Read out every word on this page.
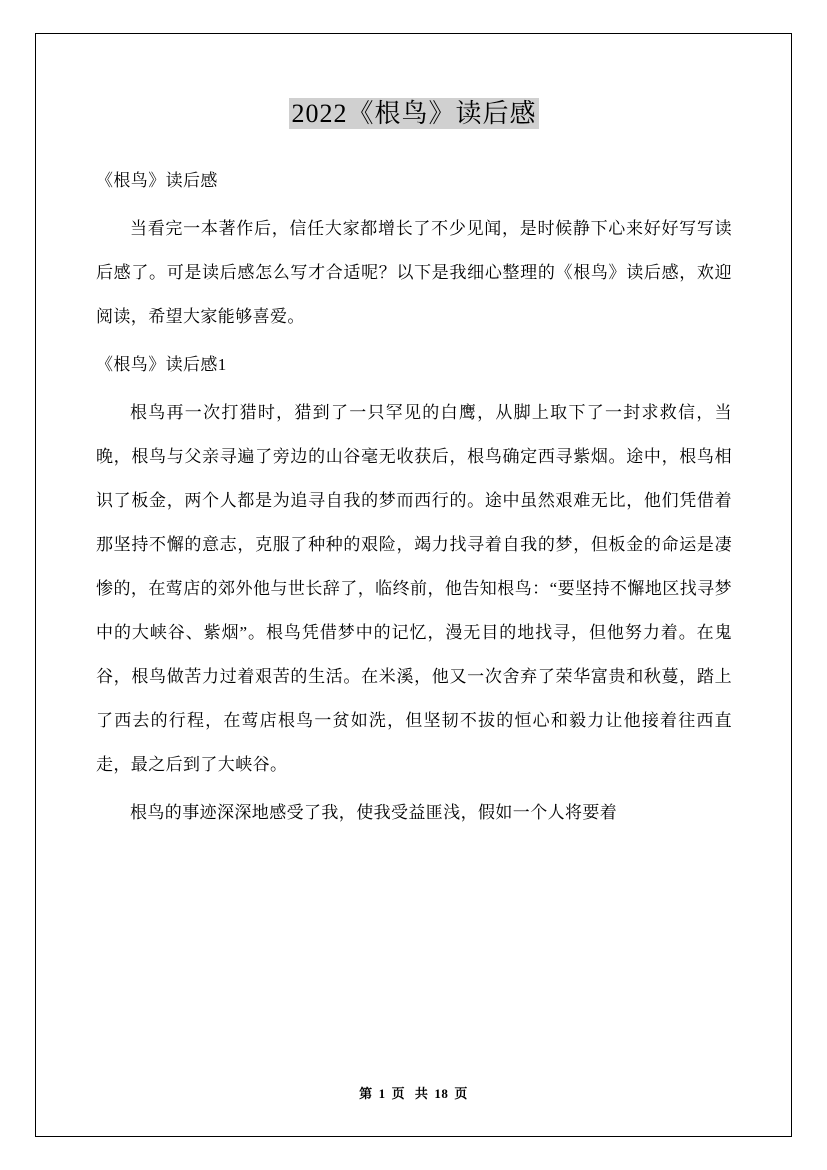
2022《根鸟》读后感

《根鸟》读后感

当看完一本著作后，信任大家都增长了不少见闻，是时候静下心来好好写写读后感了。可是读后感怎么写才合适呢？以下是我细心整理的《根鸟》读后感，欢迎阅读，希望大家能够喜爱。

《根鸟》读后感1

根鸟再一次打猎时，猎到了一只罕见的白鹰，从脚上取下了一封求救信，当晚，根鸟与父亲寻遍了旁边的山谷毫无收获后，根鸟确定西寻紫烟。途中，根鸟相识了板金，两个人都是为追寻自我的梦而西行的。途中虽然艰难无比，他们凭借着那坚持不懈的意志，克服了种种的艰险，竭力找寻着自我的梦，但板金的命运是凄惨的，在莺店的郊外他与世长辞了，临终前，他告知根鸟：“要坚持不懈地区找寻梦中的大峡谷、紫烟”。根鸟凭借梦中的记忆，漫无目的地找寻，但他努力着。在鬼谷，根鸟做苦力过着艰苦的生活。在米溪，他又一次舍弃了荣华富贵和秋蔓，踏上了西去的行程，在莺店根鸟一贫如洗，但坚韧不拔的恒心和毅力让他接着往西直走，最之后到了大峡谷。

根鸟的事迹深深地感受了我，使我受益匪浅，假如一个人将要着

第 1 页 共 18 页
